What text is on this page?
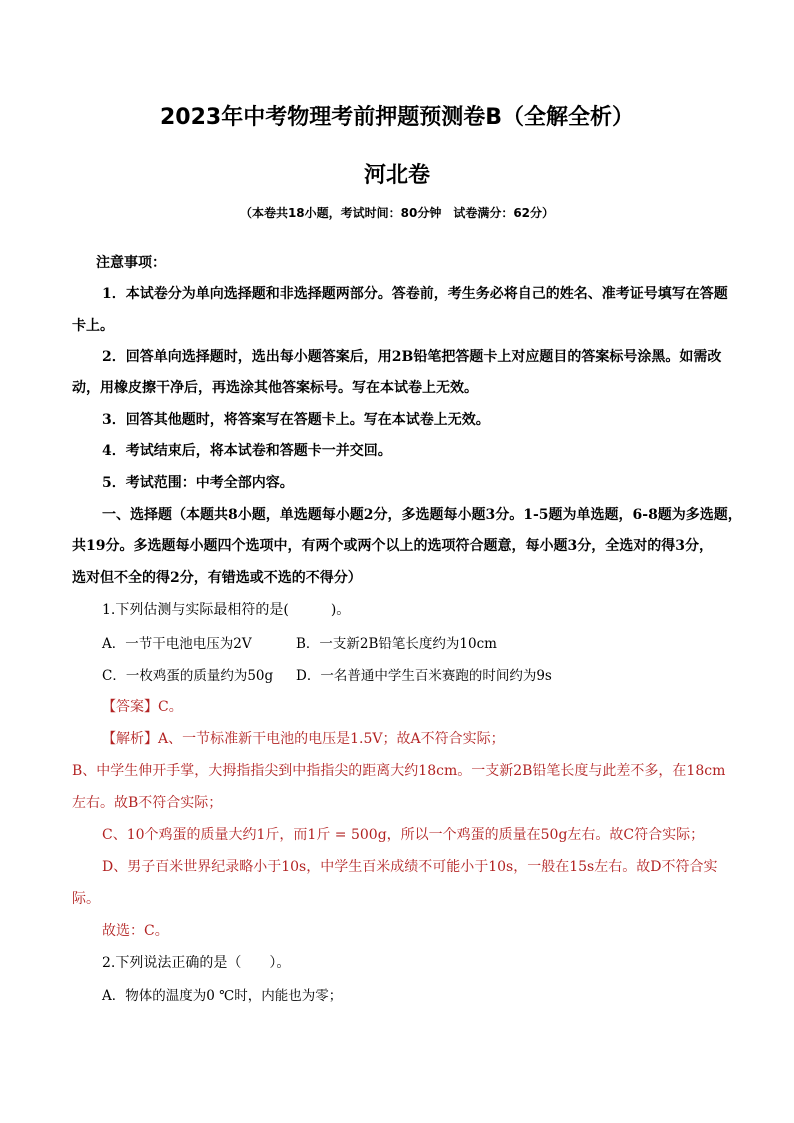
2023年中考物理考前押题预测卷B（全解全析）
河北卷
（本卷共18小题，考试时间：80分钟　试卷满分：62分）
注意事项：
1．本试卷分为单向选择题和非选择题两部分。答卷前，考生务必将自己的姓名、准考证号填写在答题
卡上。
2．回答单向选择题时，选出每小题答案后，用2B铅笔把答题卡上对应题目的答案标号涂黑。如需改
动，用橡皮擦干净后，再选涂其他答案标号。写在本试卷上无效。
3．回答其他题时，将答案写在答题卡上。写在本试卷上无效。
4．考试结束后，将本试卷和答题卡一并交回。
5．考试范围：中考全部内容。
一、选择题（本题共8小题，单选题每小题2分，多选题每小题3分。1-5题为单选题，6-8题为多选题，
共19分。多选题每小题四个选项中，有两个或两个以上的选项符合题意，每小题3分，全选对的得3分，
选对但不全的得2分，有错选或不选的不得分）
1.下列估测与实际最相符的是(　　　)。
A．一节干电池电压为2V	B．一支新2B铅笔长度约为10cm
C．一枚鸡蛋的质量约为50g D．一名普通中学生百米赛跑的时间约为9s
【答案】C。
【解析】A、一节标准新干电池的电压是1.5V；故A不符合实际；
B、中学生伸开手掌，大拇指指尖到中指指尖的距离大约18cm。一支新2B铅笔长度与此差不多，在18cm
左右。故B不符合实际；
C、10个鸡蛋的质量大约1斤，而1斤 = 500g，所以一个鸡蛋的质量在50g左右。故C符合实际；
D、男子百米世界纪录略小于10s，中学生百米成绩不可能小于10s，一般在15s左右。故D不符合实
际。
故选：C。
2.下列说法正确的是（　　）。
A．物体的温度为0 ℃时，内能也为零；
